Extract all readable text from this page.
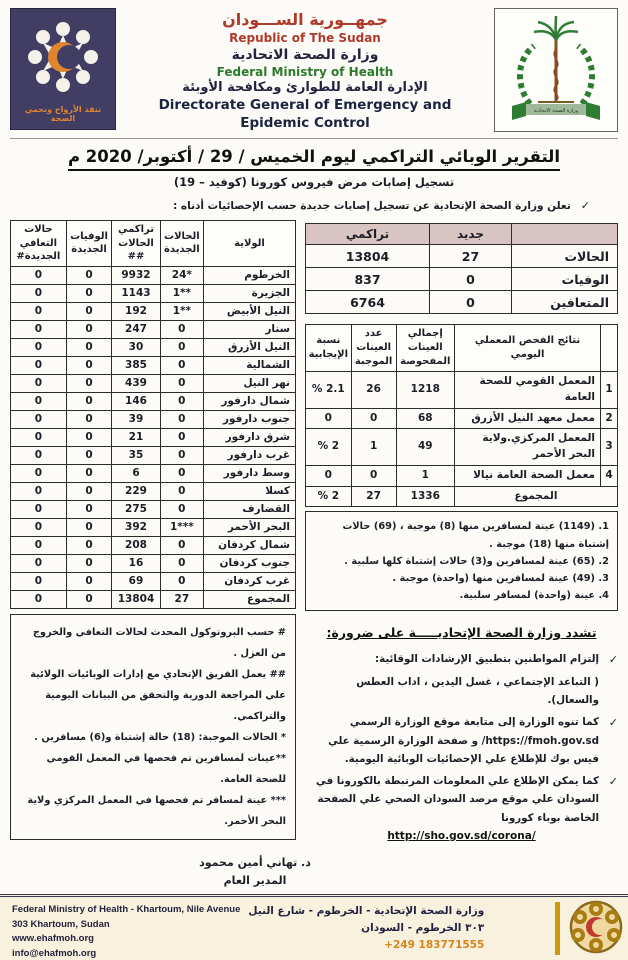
ننقذ الأرواح ونحمي الصحة
جمهــورية الســـودان
Republic of The Sudan
وزارة الصحة الاتحادية
Federal Ministry of Health
الإدارة العامة للطوارئ ومكافحة الأوبئة
Directorate General of Emergency and Epidemic Control
وزارة الصحة الاتحادية
التقرير الوبائي التراكمي ليوم الخميس / 29 / أكتوبر/ 2020 م
تسجيل إصابات مرض فيروس كورونا (كوفيد – 19)
✓تعلن وزارة الصحة الإتحادية عن تسجيل إصابات جديدة حسب الإحصائيات أدناه :
الولاية	الحالات الجديدة	تراكمي الحالات ##	الوفيات الجديدة	حالات التعافي الجديدة#
الخرطوم	24*	9932	0	0
الجزيرة	1**	1143	0	0
النيل الأبيض	1**	192	0	0
سنار	0	247	0	0
النيل الأزرق	0	30	0	0
الشمالية	0	385	0	0
نهر النيل	0	439	0	0
شمال دارفور	0	146	0	0
جنوب دارفور	0	39	0	0
شرق دارفور	0	21	0	0
غرب دارفور	0	35	0	0
وسط دارفور	0	6	0	0
كسلا	0	229	0	0
القضارف	0	275	0	0
البحر الأحمر	1***	392	0	0
شمال كردفان	0	208	0	0
جنوب كردفان	0	16	0	0
غرب كردفان	0	69	0	0
المجموع	27	13804	0	0
# حسب البروتوكول المحدث لحالات التعافي والخروج من العزل .
## يعمل الفريق الإتحادي مع إدارات الوبائيات الولائية علي المراجعة الدورية والتحقق من البيانات اليومية والتراكمي.
* الحالات الموجبة: (18) حالة إشتباة و(6) مسافرين .
**عينات لمسافرين تم فحصها في المعمل القومي للصحة العامة.
*** عينة لمسافر تم فحصها في المعمل المركزي ولاية البحر الأحمر.
	جديد	تراكمي
الحالات	27	13804
الوفيات	0	837
المتعافين	0	6764
	نتائج الفحص المعملي اليومي	إجمالي العينات المفحوصة	عدد العينات الموجبة	نسبة الإيجابية
1	المعمل القومي للصحة العامة	1218	26	% 2.1
2	معمل معهد النيل الأزرق	68	0	0
3	المعمل المركزي.ولاية البحر الأحمر	49	1	% 2
4	معمل الصحة العامة نيالا	1	0	0
المجموع		1336	27	% 2
1. (1149) عينة لمسافرين منها (8) موجبة ، (69) حالات إشتباة منها (18) موجبة .
2. (65) عينة لمسافرين و(3) حالات إشتباة كلها سلبية .
3. (49) عينة لمسافرين منها (واحدة) موجبة .
4. عينة (واحدة) لمسافر سلبية.
تشدد وزارة الصحة الإتحاديـــــة على ضرورة:
✓
إلتزام المواطنين بتطبيق الإرشادات الوقائية:
( التباعد الإجتماعي ، غسل اليدين ، اداب العطس والسعال).
✓
كما تنوه الوزارة إلى متابعة موقع الوزارة الرسمي https://fmoh.gov.sd/ و صفحة الوزارة الرسمية علي فيس بوك للإطلاع علي الإحصائيات الوبائية اليومية.
✓
كما يمكن الإطلاع علي المعلومات المرتبطة بالكورونا في السودان علي موقع مرصد السودان الصحي علي الصفحة الخاصة بوباء كورونا
http://sho.gov.sd/corona/
د. تهاني أمين محمود
المدير العام
Federal Ministry of Health - Khartoum, Nile Avenue
303 Khartoum, Sudan
www.ehafmoh.org
info@ehafmoh.org
وزارة الصحة الإتحادية - الخرطوم - شارع النيل
٣٠٣ الخرطوم - السودان
+249 183771555
